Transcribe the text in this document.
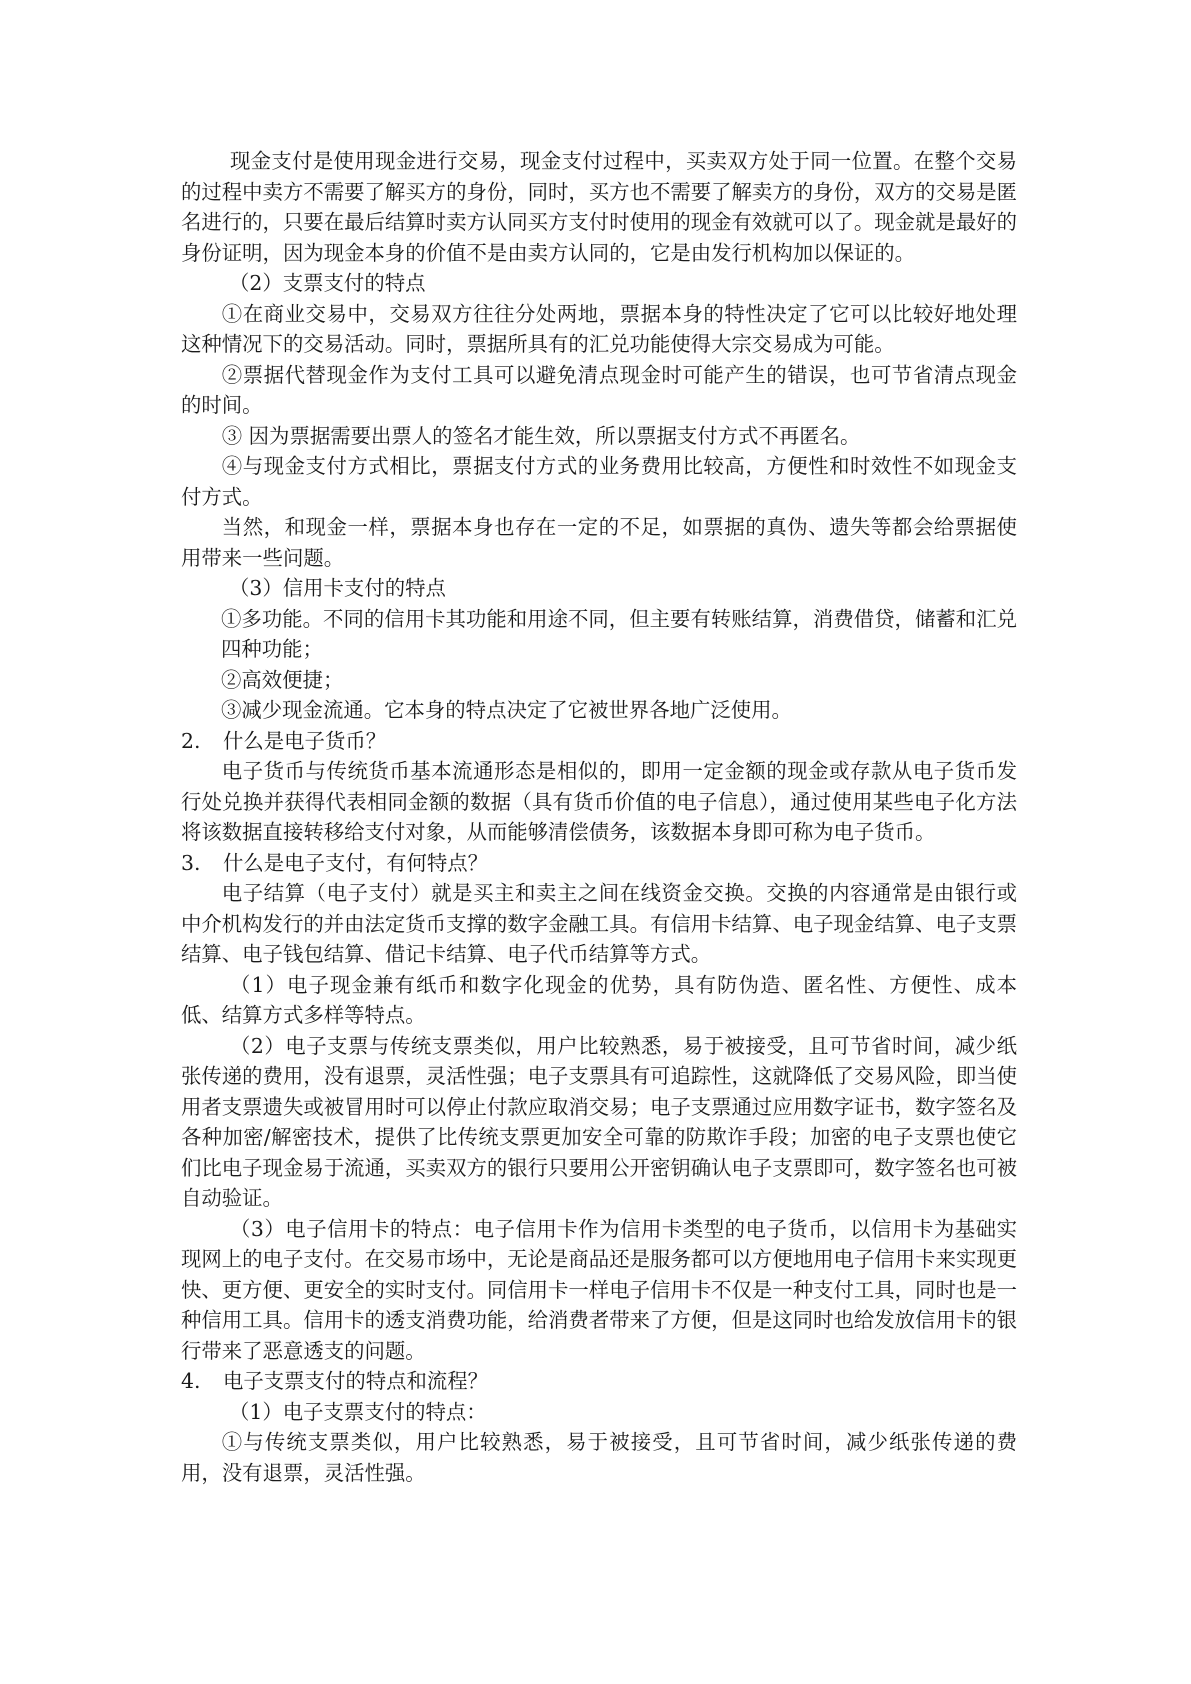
现金支付是使用现金进行交易，现金支付过程中，买卖双方处于同一位置。在整个交易的过程中卖方不需要了解买方的身份，同时，买方也不需要了解卖方的身份，双方的交易是匿名进行的，只要在最后结算时卖方认同买方支付时使用的现金有效就可以了。现金就是最好的身份证明，因为现金本身的价值不是由卖方认同的，它是由发行机构加以保证的。

（2）支票支付的特点

①在商业交易中，交易双方往往分处两地，票据本身的特性决定了它可以比较好地处理这种情况下的交易活动。同时，票据所具有的汇兑功能使得大宗交易成为可能。

②票据代替现金作为支付工具可以避免清点现金时可能产生的错误，也可节省清点现金的时间。

③ 因为票据需要出票人的签名才能生效，所以票据支付方式不再匿名。

④与现金支付方式相比，票据支付方式的业务费用比较高，方便性和时效性不如现金支付方式。

当然，和现金一样，票据本身也存在一定的不足，如票据的真伪、遗失等都会给票据使用带来一些问题。

（3）信用卡支付的特点

①多功能。不同的信用卡其功能和用途不同，但主要有转账结算，消费借贷，储蓄和汇兑四种功能；

②高效便捷；

③减少现金流通。它本身的特点决定了它被世界各地广泛使用。

2.	什么是电子货币？

电子货币与传统货币基本流通形态是相似的，即用一定金额的现金或存款从电子货币发行处兑换并获得代表相同金额的数据（具有货币价值的电子信息），通过使用某些电子化方法将该数据直接转移给支付对象，从而能够清偿债务，该数据本身即可称为电子货币。

3.	什么是电子支付，有何特点？

电子结算（电子支付）就是买主和卖主之间在线资金交换。交换的内容通常是由银行或中介机构发行的并由法定货币支撑的数字金融工具。有信用卡结算、电子现金结算、电子支票结算、电子钱包结算、借记卡结算、电子代币结算等方式。

（1）电子现金兼有纸币和数字化现金的优势，具有防伪造、匿名性、方便性、成本低、结算方式多样等特点。

（2）电子支票与传统支票类似，用户比较熟悉，易于被接受，且可节省时间，减少纸张传递的费用，没有退票，灵活性强；电子支票具有可追踪性，这就降低了交易风险，即当使用者支票遗失或被冒用时可以停止付款应取消交易；电子支票通过应用数字证书，数字签名及各种加密/解密技术，提供了比传统支票更加安全可靠的防欺诈手段；加密的电子支票也使它们比电子现金易于流通，买卖双方的银行只要用公开密钥确认电子支票即可，数字签名也可被自动验证。

（3）电子信用卡的特点：电子信用卡作为信用卡类型的电子货币，以信用卡为基础实现网上的电子支付。在交易市场中，无论是商品还是服务都可以方便地用电子信用卡来实现更快、更方便、更安全的实时支付。同信用卡一样电子信用卡不仅是一种支付工具，同时也是一种信用工具。信用卡的透支消费功能，给消费者带来了方便，但是这同时也给发放信用卡的银行带来了恶意透支的问题。

4.	电子支票支付的特点和流程？

（1）电子支票支付的特点：

①与传统支票类似，用户比较熟悉，易于被接受，且可节省时间，减少纸张传递的费用，没有退票，灵活性强。
